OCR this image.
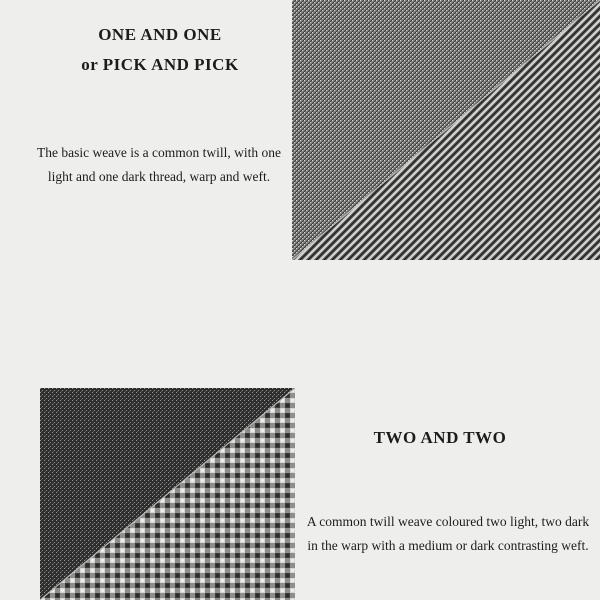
ONE AND ONE
or PICK AND PICK

The basic weave is a common twill, with one light and one dark thread, warp and weft.

TWO AND TWO

A common twill weave coloured two light, two dark in the warp with a medium or dark contrasting weft.
